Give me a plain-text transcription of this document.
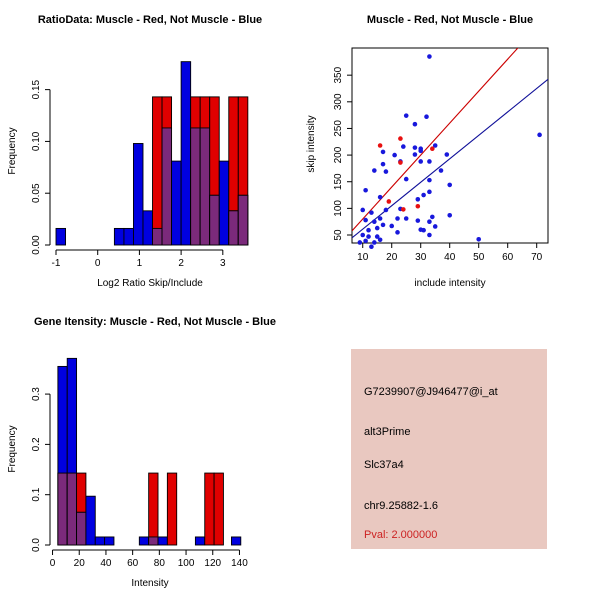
RatioData: Muscle - Red, Not Muscle - Blue
Frequency
Log2 Ratio Skip/Include
-1	0	1	2	3
0.00
0.05
0.10
0.15
Muscle - Red, Not Muscle - Blue
skip intensity
include intensity
10 20 30 40 50 60 70
50
100
150
200
250
300
350
Gene Itensity: Muscle - Red, Not Muscle - Blue
Frequency
Intensity
0 20 40 60 80 100 120 140
0.0
0.1
0.2
0.3	G7239907@J946477@i_at
alt3Prime
Slc37a4
chr9.25882-1.6
Pval: 2.000000
